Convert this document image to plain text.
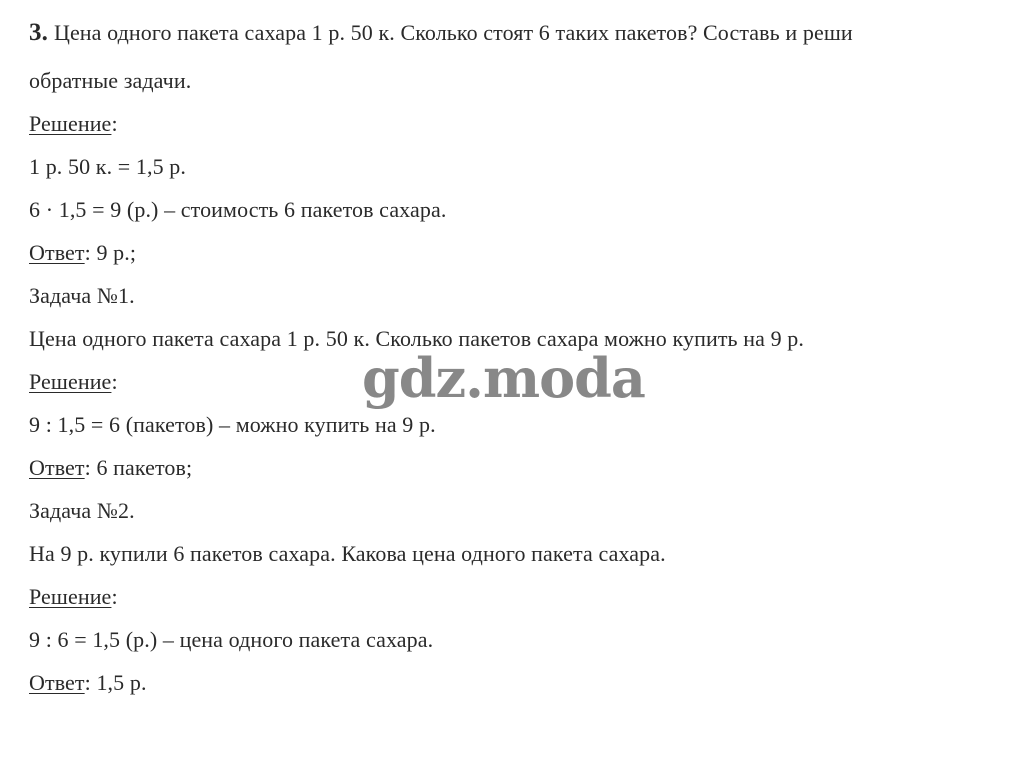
3. Цена одного пакета сахара 1 р. 50 к. Сколько стоят 6 таких пакетов? Составь и реши
обратные задачи.
Решение:
1 р. 50 к. = 1,5 р.
6 · 1,5 = 9 (р.) – стоимость 6 пакетов сахара.
Ответ: 9 р.;
Задача №1.
Цена одного пакета сахара 1 р. 50 к. Сколько пакетов сахара можно купить на 9 р.
Решение:
9 : 1,5 = 6 (пакетов) – можно купить на 9 р.
Ответ: 6 пакетов;
Задача №2.
На 9 р. купили 6 пакетов сахара. Какова цена одного пакета сахара.
Решение:
9 : 6 = 1,5 (р.) – цена одного пакета сахара.
Ответ: 1,5 р.
gdz.moda
